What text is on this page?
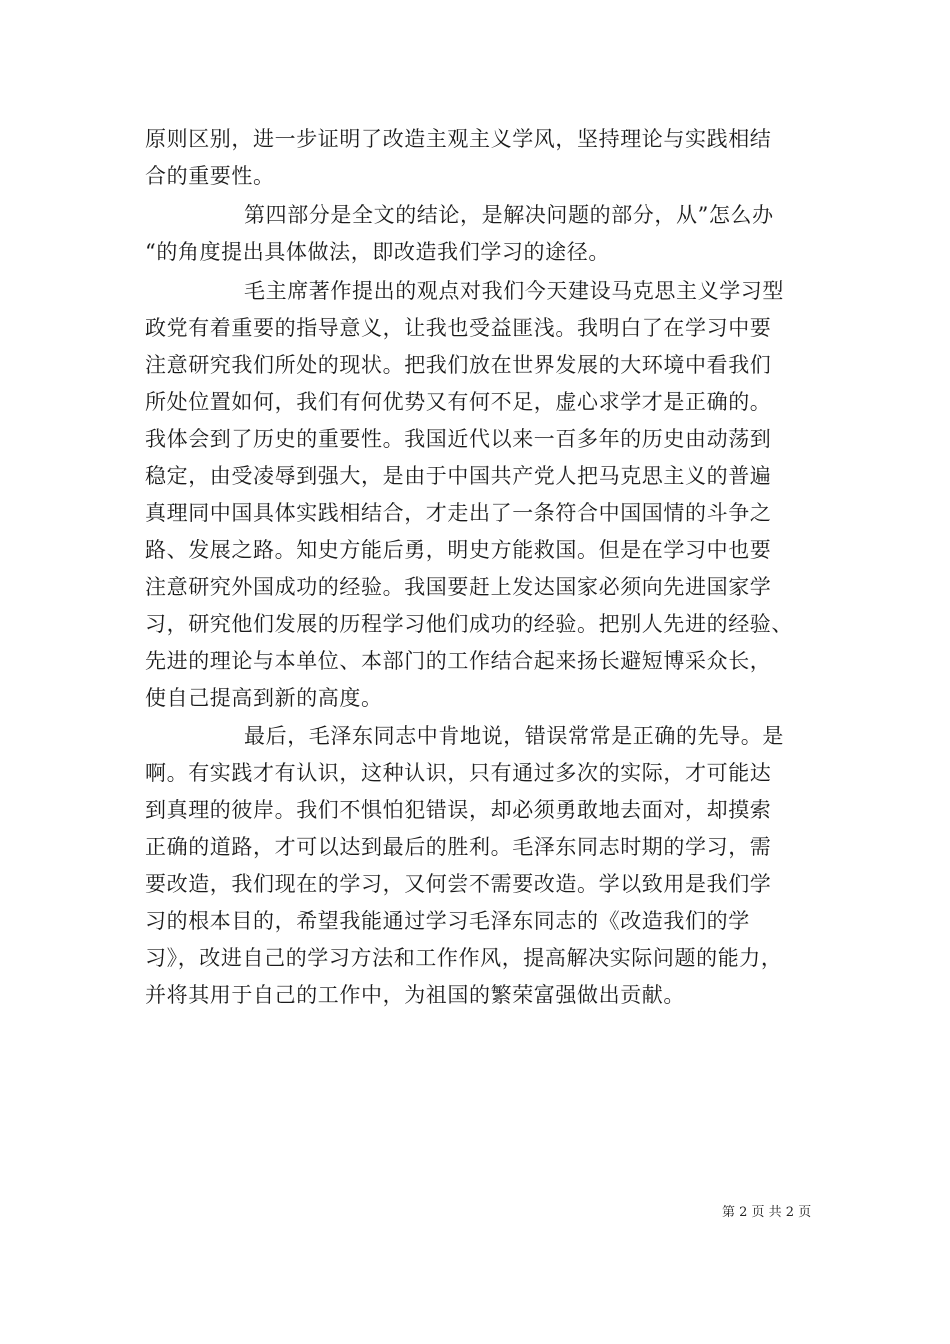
原则区别，进一步证明了改造主观主义学风，坚持理论与实践相结
合的重要性。
第四部分是全文的结论，是解决问题的部分，从”怎么办
“的角度提出具体做法，即改造我们学习的途径。
毛主席著作提出的观点对我们今天建设马克思主义学习型
政党有着重要的指导意义，让我也受益匪浅。我明白了在学习中要
注意研究我们所处的现状。把我们放在世界发展的大环境中看我们
所处位置如何，我们有何优势又有何不足，虚心求学才是正确的。
我体会到了历史的重要性。我国近代以来一百多年的历史由动荡到
稳定，由受凌辱到强大，是由于中国共产党人把马克思主义的普遍
真理同中国具体实践相结合，才走出了一条符合中国国情的斗争之
路、发展之路。知史方能后勇，明史方能救国。但是在学习中也要
注意研究外国成功的经验。我国要赶上发达国家必须向先进国家学
习，研究他们发展的历程学习他们成功的经验。把别人先进的经验、
先进的理论与本单位、本部门的工作结合起来扬长避短博采众长，
使自己提高到新的高度。
最后，毛泽东同志中肯地说，错误常常是正确的先导。是
啊。有实践才有认识，这种认识，只有通过多次的实际，才可能达
到真理的彼岸。我们不惧怕犯错误，却必须勇敢地去面对，却摸索
正确的道路，才可以达到最后的胜利。毛泽东同志时期的学习，需
要改造，我们现在的学习，又何尝不需要改造。学以致用是我们学
习的根本目的，希望我能通过学习毛泽东同志的《改造我们的学
习》，改进自己的学习方法和工作作风，提高解决实际问题的能力，
并将其用于自己的工作中，为祖国的繁荣富强做出贡献。
第 2 页 共 2 页
